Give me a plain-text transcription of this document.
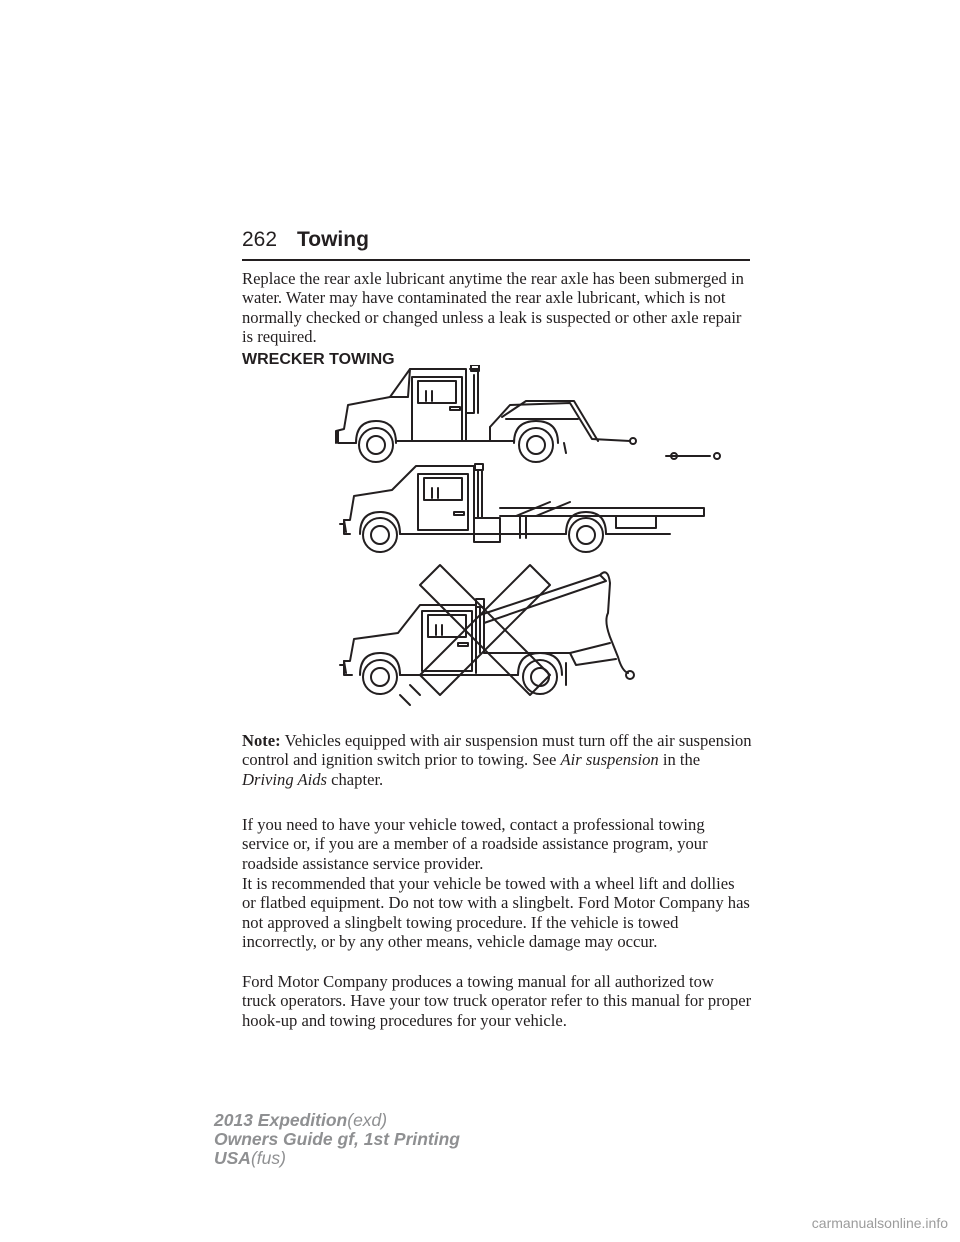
262 Towing

Replace the rear axle lubricant anytime the rear axle has been submerged in water. Water may have contaminated the rear axle lubricant, which is not normally checked or changed unless a leak is suspected or other axle repair is required.

WRECKER TOWING

Note: Vehicles equipped with air suspension must turn off the air suspension control and ignition switch prior to towing. See Air suspension in the Driving Aids chapter.

If you need to have your vehicle towed, contact a professional towing service or, if you are a member of a roadside assistance program, your roadside assistance service provider.

It is recommended that your vehicle be towed with a wheel lift and dollies or flatbed equipment. Do not tow with a slingbelt. Ford Motor Company has not approved a slingbelt towing procedure. If the vehicle is towed incorrectly, or by any other means, vehicle damage may occur.

Ford Motor Company produces a towing manual for all authorized tow truck operators. Have your tow truck operator refer to this manual for proper hook-up and towing procedures for your vehicle.

2013 Expedition(exd)
Owners Guide gf, 1st Printing
USA(fus)
carmanualsonline.info
